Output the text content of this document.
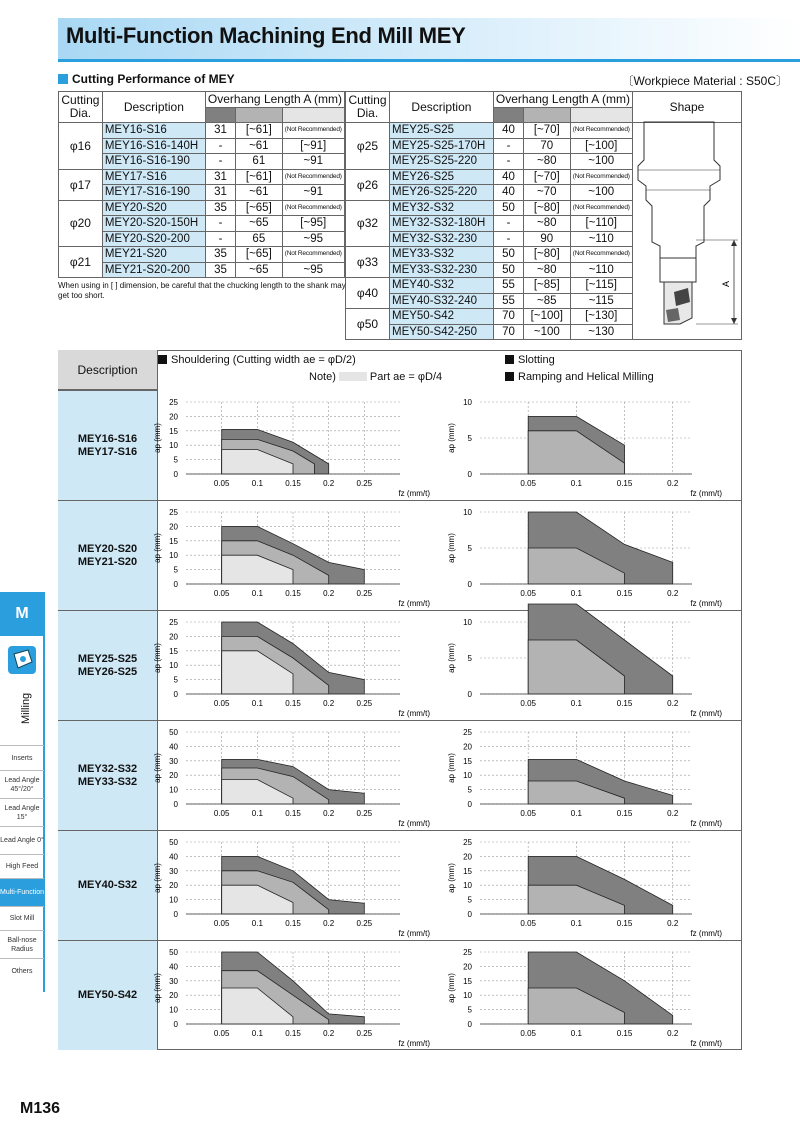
Multi-Function Machining End Mill MEY
Cutting Performance of MEY	〔Workpiece Material : S50C〕
Cutting
Dia.	Description	Overhang Length A (mm)		

φ16	MEY16-S16	31	[~61]	(Not Recommended)
	MEY16-S16-140H	-	~61	[~91]
	MEY16-S16-190	-	61	~91
φ17	MEY17-S16	31	[~61]	(Not Recommended)
	MEY17-S16-190	31	~61	~91
φ20	MEY20-S20	35	[~65]	(Not Recommended)
	MEY20-S20-150H	-	~65	[~95]
	MEY20-S20-200	-	65	~95
φ21	MEY21-S20	35	[~65]	(Not Recommended)
	MEY21-S20-200	35	~65	~95
Cutting
Dia.	Description	Overhang Length A (mm)			Shape

φ25	MEY25-S25	40	[~70]	(Not Recommended)	
	MEY25-S25-170H	-	70	[~100]	
	MEY25-S25-220	-	~80	~100	
φ26	MEY26-S25	40	[~70]	(Not Recommended)	
	MEY26-S25-220	40	~70	~100	
φ32	MEY32-S32	50	[~80]	(Not Recommended)	
	MEY32-S32-180H	-	~80	[~110]	
	MEY32-S32-230	-	90	~110	
φ33	MEY33-S32	50	[~80]	(Not Recommended)	
	MEY33-S32-230	50	~80	~110	
φ40	MEY40-S32	55	[~85]	[~115]	
	MEY40-S32-240	55	~85	~115	
φ50	MEY50-S42	70	[~100]	[~130]	
	MEY50-S42-250	70	~100	~130	
When using in [ ] dimension, be careful that the chucking length to the shank may get too short.
A
Description
Shouldering (Cutting width ae = φD/2)
Note)	Part ae = φD/4
Slotting
Ramping and Helical Milling
MEY16-S16
MEY17-S16
MEY20-S20
MEY21-S20
MEY25-S25
MEY26-S25
MEY32-S32
MEY33-S32
MEY40-S32
MEY50-S42
0
5
10
15
20
25
0.05	0.1	0.15	0.2	0.25
fz (mm/t)
ap (mm)
0
5
10
0.05	0.1	0.15	0.2
fz (mm/t)
ap (mm)
0
5
10
15
20
25
0.05	0.1	0.15	0.2	0.25
fz (mm/t)
ap (mm)
0
5
10
0.05	0.1	0.15	0.2
fz (mm/t)
ap (mm)
0
5
10
15
20
25
0.05	0.1	0.15	0.2	0.25
fz (mm/t)
ap (mm)
0
5
10
0.05	0.1	0.15	0.2
fz (mm/t)
ap (mm)
0
10
20
30
40
50
0.05	0.1	0.15	0.2	0.25
fz (mm/t)
ap (mm)
0
5
10
15
20
25
0.05	0.1	0.15	0.2
fz (mm/t)
ap (mm)
0
10
20
30
40
50
0.05	0.1	0.15	0.2	0.25
fz (mm/t)
ap (mm)
0
5
10
15
20
25
0.05	0.1	0.15	0.2
fz (mm/t)
ap (mm)
0
10
20
30
40
50
0.05	0.1	0.15	0.2	0.25
fz (mm/t)
ap (mm)
0
5
10
15
20
25
0.05	0.1	0.15	0.2
fz (mm/t)
ap (mm)
M
Milling
Inserts
Lead Angle 45°/20°
Lead Angle 15°
Lead Angle 0°
High Feed
Multi-Function
Slot Mill
Ball-nose Radius
Others
M136
